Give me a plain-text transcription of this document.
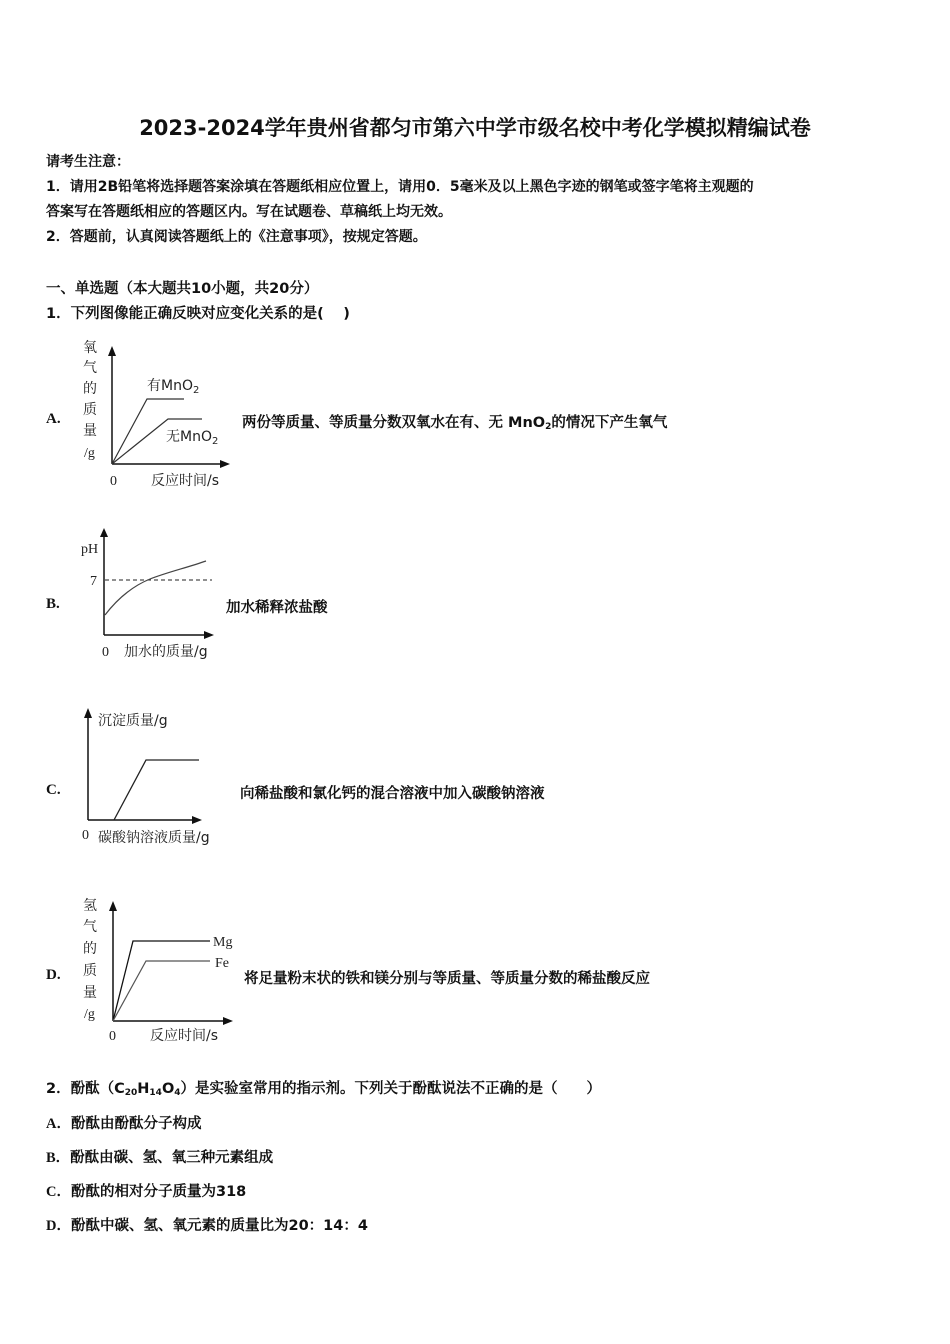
2023-2024学年贵州省都匀市第六中学市级名校中考化学模拟精编试卷
请考生注意：
1．请用2B铅笔将选择题答案涂填在答题纸相应位置上，请用0．5毫米及以上黑色字迹的钢笔或签字笔将主观题的
答案写在答题纸相应的答题区内。写在试题卷、草稿纸上均无效。
2．答题前，认真阅读答题纸上的《注意事项》，按规定答题。
一、单选题（本大题共10小题，共20分）
1．下列图像能正确反映对应变化关系的是(　 )
A.
氧
气
的
质
量
/g
有MnO$_2$
无MnO$_2$
0 反应时间/s
两份等质量、等质量分数双氧水在有、无 MnO$_2$的情况下产生氧气
B.
pH
7
0 加水的质量/g
加水稀释浓盐酸
C.
沉淀质量/g
0 碳酸钠溶液质量/g
向稀盐酸和氯化钙的混合溶液中加入碳酸钠溶液
D.
氢
气
的
质
量
/g
Mg
Fe
0 反应时间/s
将足量粉末状的铁和镁分别与等质量、等质量分数的稀盐酸反应
2．酚酞$(C_{20}H_{14}O_4)$是实验室常用的指示剂。下列关于酚酞说法不正确的是（　　）
A．酚酞由酚酞分子构成
B．酚酞由碳、氢、氧三种元素组成
C．酚酞的相对分子质量为318
D．酚酞中碳、氢、氧元素的质量比为20：14：4
